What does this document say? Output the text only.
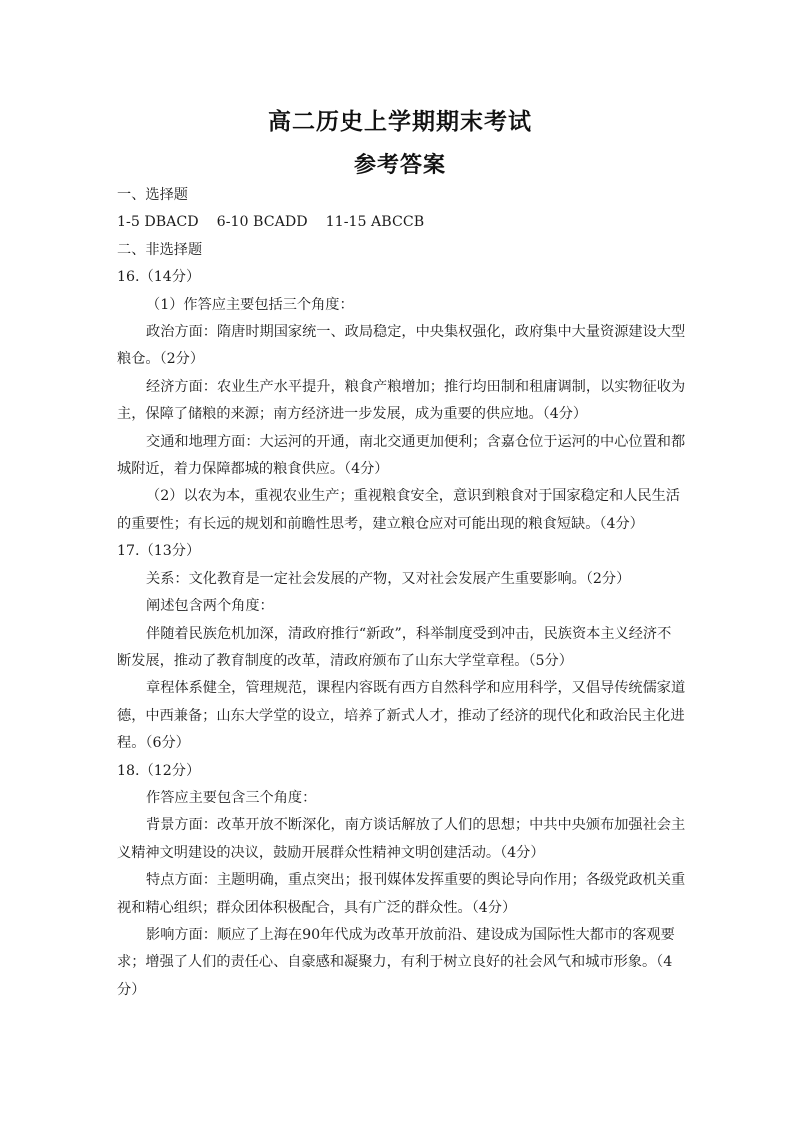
高二历史上学期期末考试
参考答案

一、选择题

1-5 DBACD    6-10 BCADD    11-15 ABCCB

二、非选择题

16.（14分）

（1）作答应主要包括三个角度：

政治方面：隋唐时期国家统一、政局稳定，中央集权强化，政府集中大量资源建设大型

粮仓。（2分）

经济方面：农业生产水平提升，粮食产粮增加；推行均田制和租庸调制，以实物征收为

主，保障了储粮的来源；南方经济进一步发展，成为重要的供应地。（4分）

交通和地理方面：大运河的开通，南北交通更加便利；含嘉仓位于运河的中心位置和都

城附近，着力保障都城的粮食供应。（4分）

（2）以农为本，重视农业生产；重视粮食安全，意识到粮食对于国家稳定和人民生活

的重要性；有长远的规划和前瞻性思考，建立粮仓应对可能出现的粮食短缺。（4分）

17.（13分）

关系：文化教育是一定社会发展的产物，又对社会发展产生重要影响。（2分）

阐述包含两个角度：

伴随着民族危机加深，清政府推行“新政”，科举制度受到冲击，民族资本主义经济不

断发展，推动了教育制度的改革，清政府颁布了山东大学堂章程。（5分）

章程体系健全，管理规范，课程内容既有西方自然科学和应用科学，又倡导传统儒家道

德，中西兼备；山东大学堂的设立，培养了新式人才，推动了经济的现代化和政治民主化进

程。（6分）

18.（12分）

作答应主要包含三个角度：

背景方面：改革开放不断深化，南方谈话解放了人们的思想；中共中央颁布加强社会主

义精神文明建设的决议，鼓励开展群众性精神文明创建活动。（4分）

特点方面：主题明确，重点突出；报刊媒体发挥重要的舆论导向作用；各级党政机关重

视和精心组织；群众团体积极配合，具有广泛的群众性。（4分）

影响方面：顺应了上海在90年代成为改革开放前沿、建设成为国际性大都市的客观要

求；增强了人们的责任心、自豪感和凝聚力，有利于树立良好的社会风气和城市形象。（4

分）
